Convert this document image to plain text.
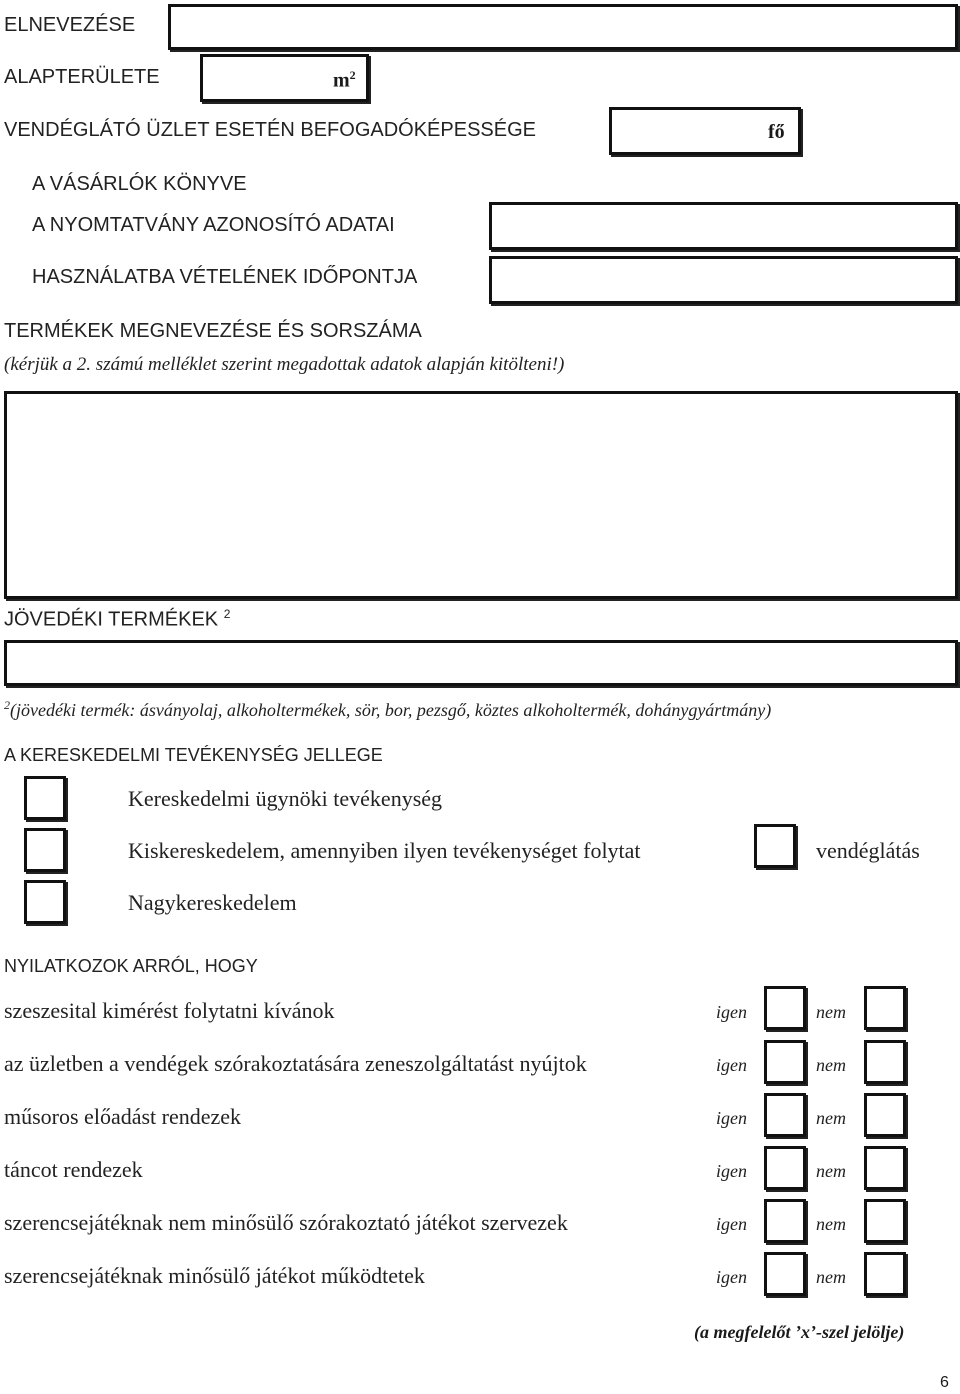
ELNEVEZÉSE
ALAPTERÜLETE	$m^2$
VENDÉGLÁTÓ ÜZLET ESETÉN BEFOGADÓKÉPESSÉGE	fő
A VÁSÁRLÓK KÖNYVE
A NYOMTATVÁNY AZONOSÍTÓ ADATAI
HASZNÁLATBA VÉTELÉNEK IDŐPONTJA
TERMÉKEK MEGNEVEZÉSE ÉS SORSZÁMA
(kérjük a 2. számú melléklet szerint megadottak adatok alapján kitölteni!)
JÖVEDÉKI TERMÉKEK $^2$
$^2$(jövedéki termék: ásványolaj, alkoholtermékek, sör, bor, pezsgő, köztes alkoholtermék, dohánygyártmány)
A KERESKEDELMI TEVÉKENYSÉG JELLEGE
Kereskedelmi ügynöki tevékenység
Kiskereskedelem, amennyiben ilyen tevékenységet folytat	vendéglátás
Nagykereskedelem
NYILATKOZOK ARRÓL, HOGY
szeszesital kimérést folytatni kívánok	igen	nem
az üzletben a vendégek szórakoztatására zeneszolgáltatást nyújtok	igen	nem
műsoros előadást rendezek	igen	nem
táncot rendezek	igen	nem
szerencsejátéknak nem minősülő szórakoztató játékot szervezek	igen	nem
szerencsejátéknak minősülő játékot működtetek	igen	nem
(a megfelelőt ’x’-szel jelölje)
6
